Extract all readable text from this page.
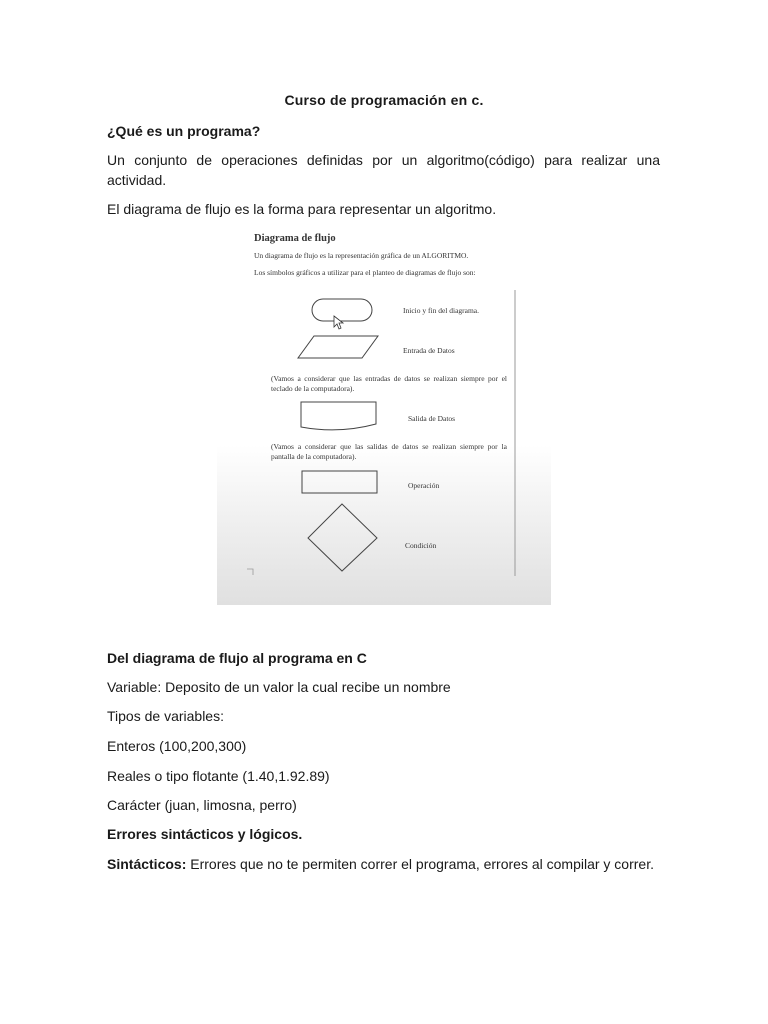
Curso de programación en c.
¿Qué es un programa?
Un conjunto de operaciones definidas por un algoritmo(código) para realizar una actividad.
El diagrama de flujo es la forma para representar un algoritmo.
Diagrama de flujo
Un diagrama de flujo es la representación gráfica de un ALGORITMO.
Los símbolos gráficos a utilizar para el planteo de diagramas de flujo son:
Inicio y fin del diagrama.
Entrada de Datos
(Vamos a considerar que las entradas de datos se realizan siempre por el teclado de la computadora).
Salida de Datos
(Vamos a considerar que las salidas de datos se realizan siempre por la pantalla de la computadora).
Operación
Condición
Del diagrama de flujo al programa en C
Variable: Deposito de un valor la cual recibe un nombre
Tipos de variables:
Enteros (100,200,300)
Reales o tipo flotante (1.40,1.92.89)
Carácter (juan, limosna, perro)
Errores sintácticos y lógicos.
Sintácticos: Errores que no te permiten correr el programa, errores al compilar y correr.
